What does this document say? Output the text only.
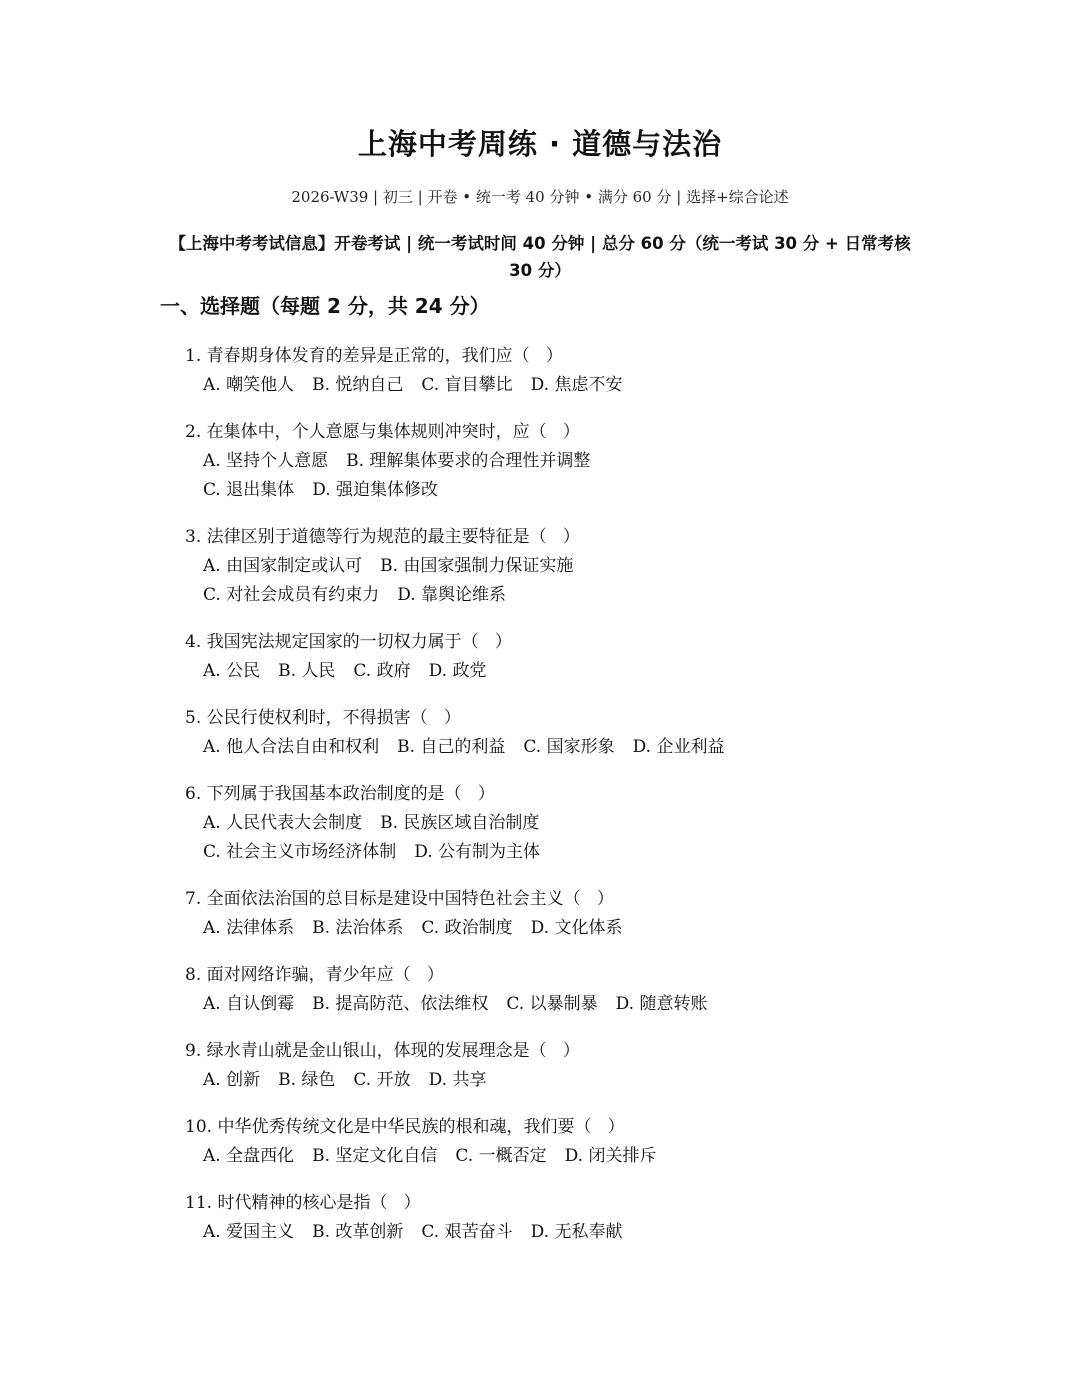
上海中考周练 · 道德与法治
2026-W39 | 初三 | 开卷 • 统一考 40 分钟 • 满分 60 分 | 选择+综合论述
【上海中考考试信息】开卷考试 | 统一考试时间 40 分钟 | 总分 60 分（统一考试 30 分 + 日常考核 30 分）
一、选择题（每题 2 分，共 24 分）
1. 青春期身体发育的差异是正常的，我们应（   ）
A. 嘲笑他人 B. 悦纳自己 C. 盲目攀比 D. 焦虑不安
2. 在集体中，个人意愿与集体规则冲突时，应（   ）
A. 坚持个人意愿 B. 理解集体要求的合理性并调整
C. 退出集体 D. 强迫集体修改
3. 法律区别于道德等行为规范的最主要特征是（   ）
A. 由国家制定或认可 B. 由国家强制力保证实施
C. 对社会成员有约束力 D. 靠舆论维系
4. 我国宪法规定国家的一切权力属于（   ）
A. 公民 B. 人民 C. 政府 D. 政党
5. 公民行使权利时，不得损害（   ）
A. 他人合法自由和权利 B. 自己的利益 C. 国家形象 D. 企业利益
6. 下列属于我国基本政治制度的是（   ）
A. 人民代表大会制度 B. 民族区域自治制度
C. 社会主义市场经济体制 D. 公有制为主体
7. 全面依法治国的总目标是建设中国特色社会主义（   ）
A. 法律体系 B. 法治体系 C. 政治制度 D. 文化体系
8. 面对网络诈骗，青少年应（   ）
A. 自认倒霉 B. 提高防范、依法维权 C. 以暴制暴 D. 随意转账
9. 绿水青山就是金山银山，体现的发展理念是（   ）
A. 创新 B. 绿色 C. 开放 D. 共享
10. 中华优秀传统文化是中华民族的根和魂，我们要（   ）
A. 全盘西化 B. 坚定文化自信 C. 一概否定 D. 闭关排斥
11. 时代精神的核心是指（   ）
A. 爱国主义 B. 改革创新 C. 艰苦奋斗 D. 无私奉献
